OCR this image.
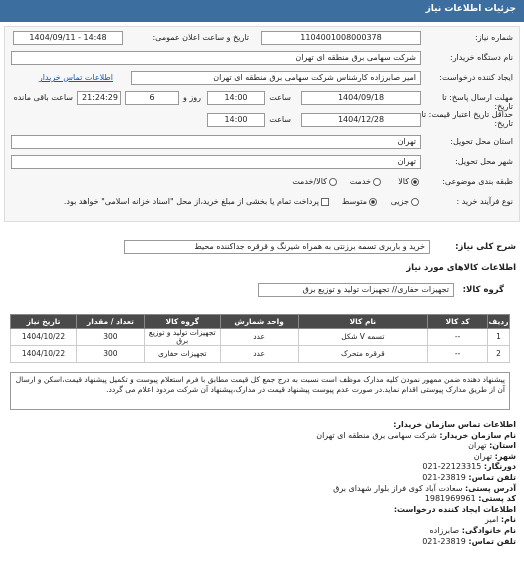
جزئیات اطلاعات نیاز
شماره نیاز:
1104001008000378
تاریخ و ساعت اعلان عمومی:
1404/09/11 - 14:48
نام دستگاه خریدار:
شرکت سهامی برق منطقه ای تهران
ایجاد کننده درخواست:
امیر صابرزاده کارشناس شرکت سهامی برق منطقه ای تهران
اطلاعات تماس خریدار
مهلت ارسال پاسخ: تا تاریخ:
1404/09/18
ساعت
14:00
6	روز و
21:24:29
ساعت باقی مانده
حداقل تاریخ اعتبار قیمت: تا تاریخ:
1404/12/28
ساعت
14:00
استان محل تحویل:
تهران
شهر محل تحویل:
تهران
طبقه بندی موضوعی:
کالا
خدمت
کالا/خدمت
نوع فرآیند خرید :
جزیی
متوسط
پرداخت تمام یا بخشی از مبلغ خرید،از محل "اسناد خزانه اسلامی" خواهد بود.
شرح کلی نیاز:
خرید و باربری تسمه برزنتی به همراه شیرنگ و قرقره جداکننده محیط
اطلاعات کالاهای مورد نیاز
گروه کالا:
تجهیزات حفاری// تجهیزات تولید و توزیع برق
ردیف	کد کالا	نام کالا	واحد شمارش	گروه کالا	تعداد / مقدار	تاریخ نیاز
1	--	تسمه V شکل	عدد	تجهیزات تولید و توزیع برق	300	1404/10/22
2	--	قرقره متحرک	عدد	تجهیزات حفاری	300	1404/10/22
پیشنهاد دهنده ضمن ممهور نمودن کلیه مدارک موظف است نسبت به درج جمع کل قیمت مطابق با فرم استعلام پیوست و تکمیل پیشنهاد قیمت،اسکن و ارسال آن از طریق مدارک پیوستی اقدام نماید.در صورت عدم پیوست پیشنهاد قیمت در مدارک،پیشنهاد آن شرکت مردود اعلام می گردد.
اطلاعات تماس سازمان خریدار:
نام سازمان خریدار: شرکت سهامی برق منطقه ای تهران
استان: تهران
شهر: تهران
دورنگار: 22123315-021
تلفن تماس: 23819-021
آدرس پستی: سعادت آباد کوی فراز بلوار شهدای برق
کد پستی: 1981969961
اطلاعات ایجاد کننده درخواست:
نام: امیر
نام خانوادگی: صابرزاده
تلفن تماس: 23819-021
